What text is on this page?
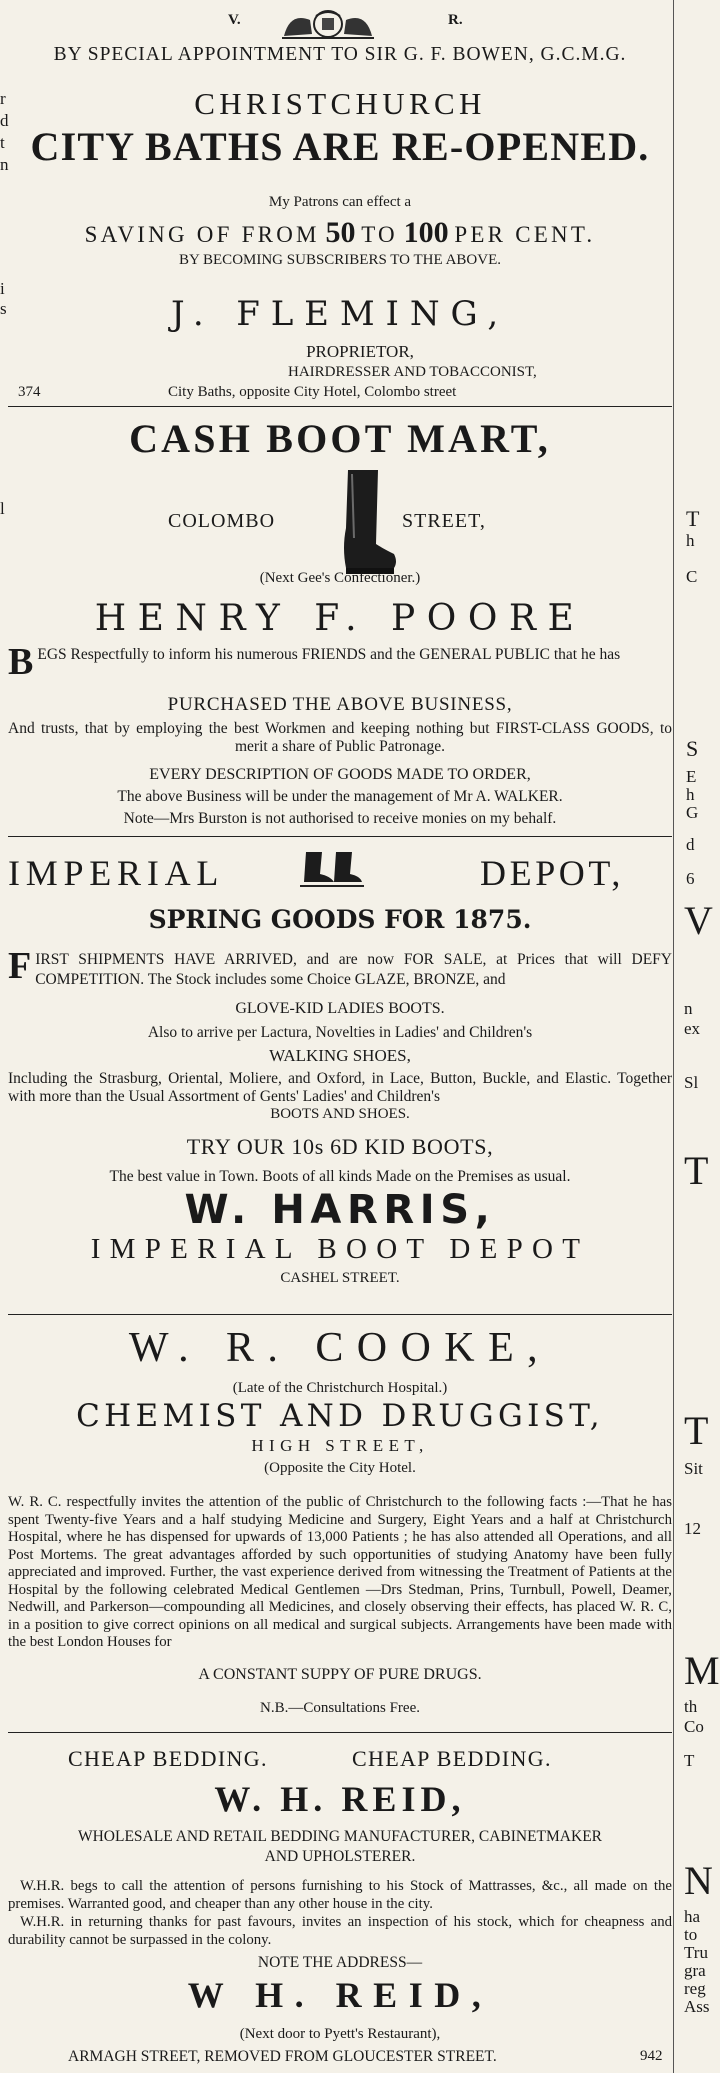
r
d
t
n
i
s
l	T
h
C
S
E
h
G
d
6
V
n
ex
Sl
T
T
Sit
12
M
th
Co
T
N
ha
to
Tru
gra
reg
Ass
V.	R.
BY SPECIAL APPOINTMENT TO SIR G. F. BOWEN, G.C.M.G.
CHRISTCHURCH
CITY BATHS ARE RE-OPENED.
My Patrons can effect a
SAVING OF FROM 50 TO 100 PER CENT.
BY BECOMING SUBSCRIBERS TO THE ABOVE.
J. FLEMING,
PROPRIETOR,
HAIRDRESSER AND TOBACCONIST,
374	City Baths, opposite City Hotel, Colombo street
CASH BOOT MART,
COLOMBO	STREET,
(Next Gee's Confectioner.)
HENRY F. POORE
BEGS Respectfully to inform his numerous FRIENDS and the GENERAL PUBLIC that he has
PURCHASED THE ABOVE BUSINESS,
And trusts, that by employing the best Workmen and keeping nothing but FIRST-CLASS GOODS, to merit a share of Public Patronage.
EVERY DESCRIPTION OF GOODS MADE TO ORDER,
The above Business will be under the management of Mr A. WALKER.
Note—Mrs Burston is not authorised to receive monies on my behalf.
IMPERIAL	DEPOT,
SPRING GOODS FOR 1875.
FIRST SHIPMENTS HAVE ARRIVED, and are now FOR SALE, at Prices that will DEFY COMPETITION. The Stock includes some Choice GLAZE, BRONZE, and
GLOVE-KID LADIES BOOTS.
Also to arrive per Lactura, Novelties in Ladies' and Children's
WALKING SHOES,
Including the Strasburg, Oriental, Moliere, and Oxford, in Lace, Button, Buckle, and Elastic. Together with more than the Usual Assortment of Gents' Ladies' and Children's
BOOTS AND SHOES.
TRY OUR 10s 6D KID BOOTS,
The best value in Town. Boots of all kinds Made on the Premises as usual.
W. HARRIS,
IMPERIAL BOOT DEPOT
CASHEL STREET.
W. R. COOKE,
(Late of the Christchurch Hospital.)
CHEMIST AND DRUGGIST,
HIGH STREET,
(Opposite the City Hotel.
W. R. C. respectfully invites the attention of the public of Christchurch to the following facts :—That he has spent Twenty-five Years and a half studying Medicine and Surgery, Eight Years and a half at Christchurch Hospital, where he has dispensed for upwards of 13,000 Patients ; he has also attended all Operations, and all Post Mortems. The great advantages afforded by such opportunities of studying Anatomy have been fully appreciated and improved. Further, the vast experience derived from witnessing the Treatment of Patients at the Hospital by the following celebrated Medical Gentlemen —Drs Stedman, Prins, Turnbull, Powell, Deamer, Nedwill, and Parkerson—compounding all Medicines, and closely observing their effects, has placed W. R. C, in a position to give correct opinions on all medical and surgical subjects. Arrangements have been made with the best London Houses for
A CONSTANT SUPPY OF PURE DRUGS.
N.B.—Consultations Free.
CHEAP BEDDING.	CHEAP BEDDING.
W. H. REID,
WHOLESALE AND RETAIL BEDDING MANUFACTURER, CABINETMAKER
AND UPHOLSTERER.
W.H.R. begs to call the attention of persons furnishing to his Stock of Mattrasses, &c., all made on the premises. Warranted good, and cheaper than any other house in the city.
W.H.R. in returning thanks for past favours, invites an inspection of his stock, which for cheapness and durability cannot be surpassed in the colony.
NOTE THE ADDRESS—
W H. REID,
(Next door to Pyett's Restaurant),
ARMAGH STREET, REMOVED FROM GLOUCESTER STREET.	942
